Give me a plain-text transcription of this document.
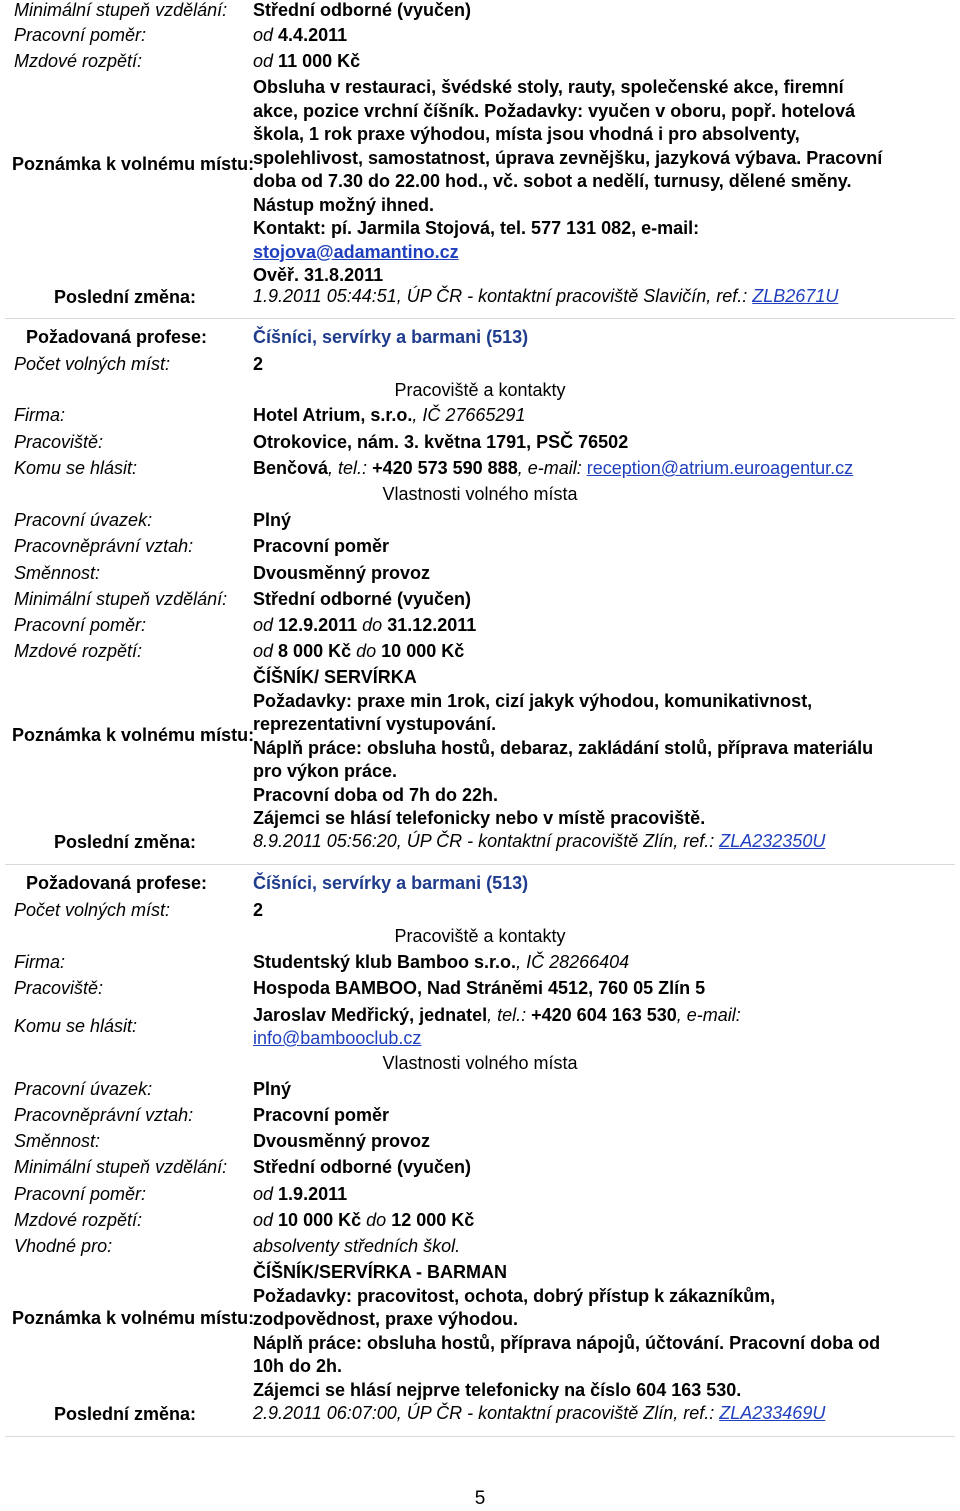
Minimální stupeň vzdělání: Střední odborné (vyučen)
Pracovní poměr:	od 4.4.2011
Mzdové rozpětí:	od 11 000 Kč
Poznámka k volnému místu:

Obsluha v restauraci, švédské stoly, rauty, společenské akce, firemní

akce, pozice vrchní číšník. Požadavky: vyučen v oboru, popř. hotelová

škola, 1 rok praxe výhodou, místa jsou vhodná i pro absolventy,

spolehlivost, samostatnost, úprava zevnějšku, jazyková výbava. Pracovní

doba od 7.30 do 22.00 hod., vč. sobot a nedělí, turnusy, dělené směny.

Nástup možný ihned.

Kontakt: pí. Jarmila Stojová, tel. 577 131 082, e-mail:

stojova@adamantino.cz

Ověř. 31.8.2011

Poslední změna:	1.9.2011 05:44:51, ÚP ČR - kontaktní pracoviště Slavičín, ref.: ZLB2671U
Požadovaná profese:	Číšníci, servírky a barmani (513)
Počet volných míst:	2
Pracoviště a kontakty
Firma:	Hotel Atrium, s.r.o., IČ 27665291
Pracoviště:	Otrokovice, nám. 3. května 1791, PSČ 76502
Komu se hlásit:	Benčová, tel.: +420 573 590 888, e-mail: reception@atrium.euroagentur.cz
Vlastnosti volného místa
Pracovní úvazek:	Plný
Pracovněprávní vztah:	Pracovní poměr
Směnnost:	Dvousměnný provoz
Minimální stupeň vzdělání: Střední odborné (vyučen)
Pracovní poměr:	od 12.9.2011 do 31.12.2011
Mzdové rozpětí:	od 8 000 Kč do 10 000 Kč
Poznámka k volnému místu:

ČÍŠNÍK/ SERVÍRKA

Požadavky: praxe min 1rok, cizí jakyk výhodou, komunikativnost,

reprezentativní vystupování.

Náplň práce: obsluha hostů, debaraz, zakládání stolů, příprava materiálu

pro výkon práce.

Pracovní doba od 7h do 22h.

Zájemci se hlásí telefonicky nebo v místě pracoviště.

Poslední změna:	8.9.2011 05:56:20, ÚP ČR - kontaktní pracoviště Zlín, ref.: ZLA232350U
Požadovaná profese:	Číšníci, servírky a barmani (513)
Počet volných míst:	2
Pracoviště a kontakty
Firma:	Studentský klub Bamboo s.r.o., IČ 28266404
Pracoviště:	Hospoda BAMBOO, Nad Stráněmi 4512, 760 05 Zlín 5
Komu se hlásit:
Jaroslav Medřický, jednatel, tel.: +420 604 163 530, e-mail:
info@bambooclub.cz
Vlastnosti volného místa
Pracovní úvazek:	Plný
Pracovněprávní vztah:	Pracovní poměr
Směnnost:	Dvousměnný provoz
Minimální stupeň vzdělání: Střední odborné (vyučen)
Pracovní poměr:	od 1.9.2011
Mzdové rozpětí:	od 10 000 Kč do 12 000 Kč
Vhodné pro:	absolventy středních škol.
Poznámka k volnému místu:

ČÍŠNÍK/SERVÍRKA - BARMAN

Požadavky: pracovitost, ochota, dobrý přístup k zákazníkům,

zodpovědnost, praxe výhodou.

Náplň práce: obsluha hostů, příprava nápojů, účtování. Pracovní doba od

10h do 2h.

Zájemci se hlásí nejprve telefonicky na číslo 604 163 530.

Poslední změna:	2.9.2011 06:07:00, ÚP ČR - kontaktní pracoviště Zlín, ref.: ZLA233469U
5
